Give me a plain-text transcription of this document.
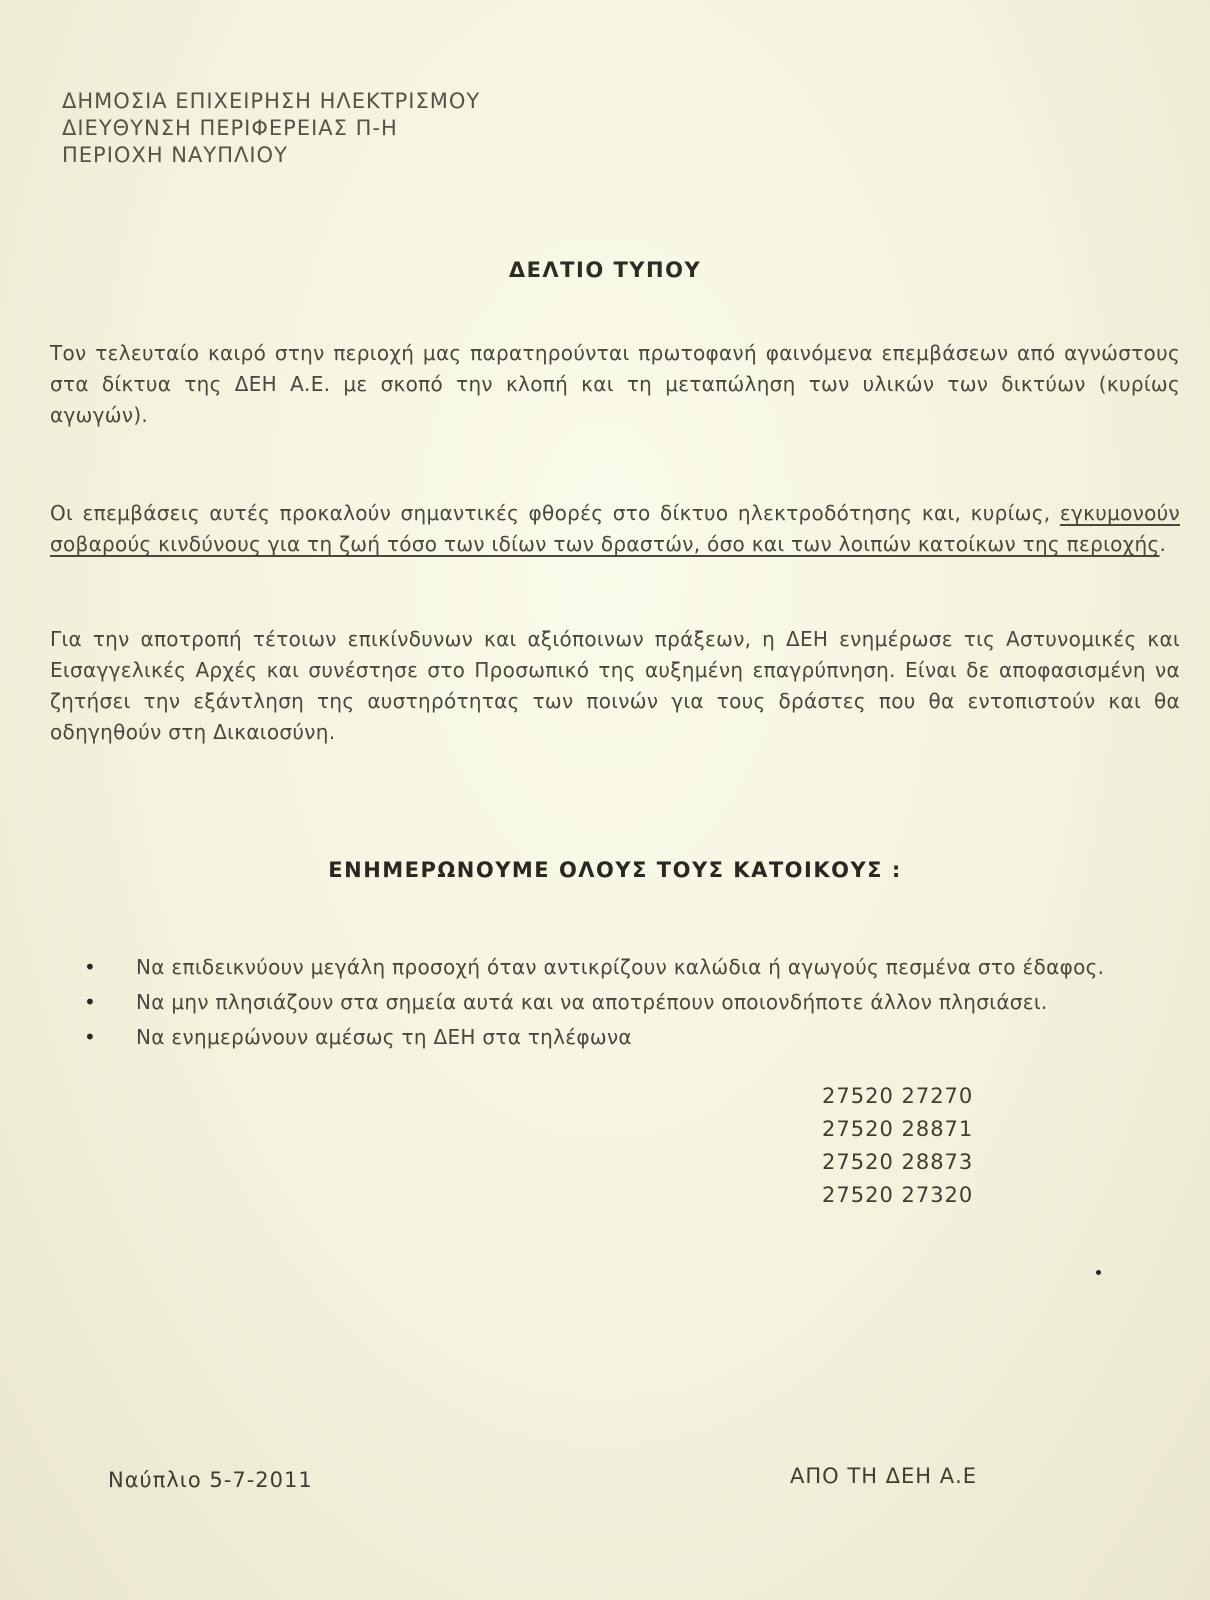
ΔΗΜΟΣΙΑ ΕΠΙΧΕΙΡΗΣΗ ΗΛΕΚΤΡΙΣΜΟΥ
ΔΙΕΥΘΥΝΣΗ ΠΕΡΙΦΕΡΕΙΑΣ Π-Η
ΠΕΡΙΟΧΗ ΝΑΥΠΛΙΟΥ
ΔΕΛΤΙΟ ΤΥΠΟΥ
Τον τελευταίο καιρό στην περιοχή μας παρατηρούνται πρωτοφανή φαινόμενα επεμβάσεων από αγνώστους στα δίκτυα της ΔΕΗ Α.Ε. με σκοπό την κλοπή και τη μεταπώληση των υλικών των δικτύων (κυρίως αγωγών).
Οι επεμβάσεις αυτές προκαλούν σημαντικές φθορές στο δίκτυο ηλεκτροδότησης και, κυρίως, εγκυμονούν σοβαρούς κινδύνους για τη ζωή τόσο των ιδίων των δραστών, όσο και των λοιπών κατοίκων της περιοχής.
Για την αποτροπή τέτοιων επικίνδυνων και αξιόποινων πράξεων, η ΔΕΗ ενημέρωσε τις Αστυνομικές και Εισαγγελικές Αρχές και συνέστησε στο Προσωπικό της αυξημένη επαγρύπνηση. Είναι δε αποφασισμένη να ζητήσει την εξάντληση της αυστηρότητας των ποινών για τους δράστες που θα εντοπιστούν και θα οδηγηθούν στη Δικαιοσύνη.
ΕΝΗΜΕΡΩΝΟΥΜΕ ΟΛΟΥΣ ΤΟΥΣ ΚΑΤΟΙΚΟΥΣ :
• Να επιδεικνύουν μεγάλη προσοχή όταν αντικρίζουν καλώδια ή αγωγούς πεσμένα στο έδαφος.
• Να μην πλησιάζουν στα σημεία αυτά και να αποτρέπουν οποιονδήποτε άλλον πλησιάσει.
• Να ενημερώνουν αμέσως τη ΔΕΗ στα τηλέφωνα
27520 27270
27520 28871
27520 28873
27520 27320
Ναύπλιο 5-7-2011	ΑΠΟ ΤΗ ΔΕΗ Α.Ε
